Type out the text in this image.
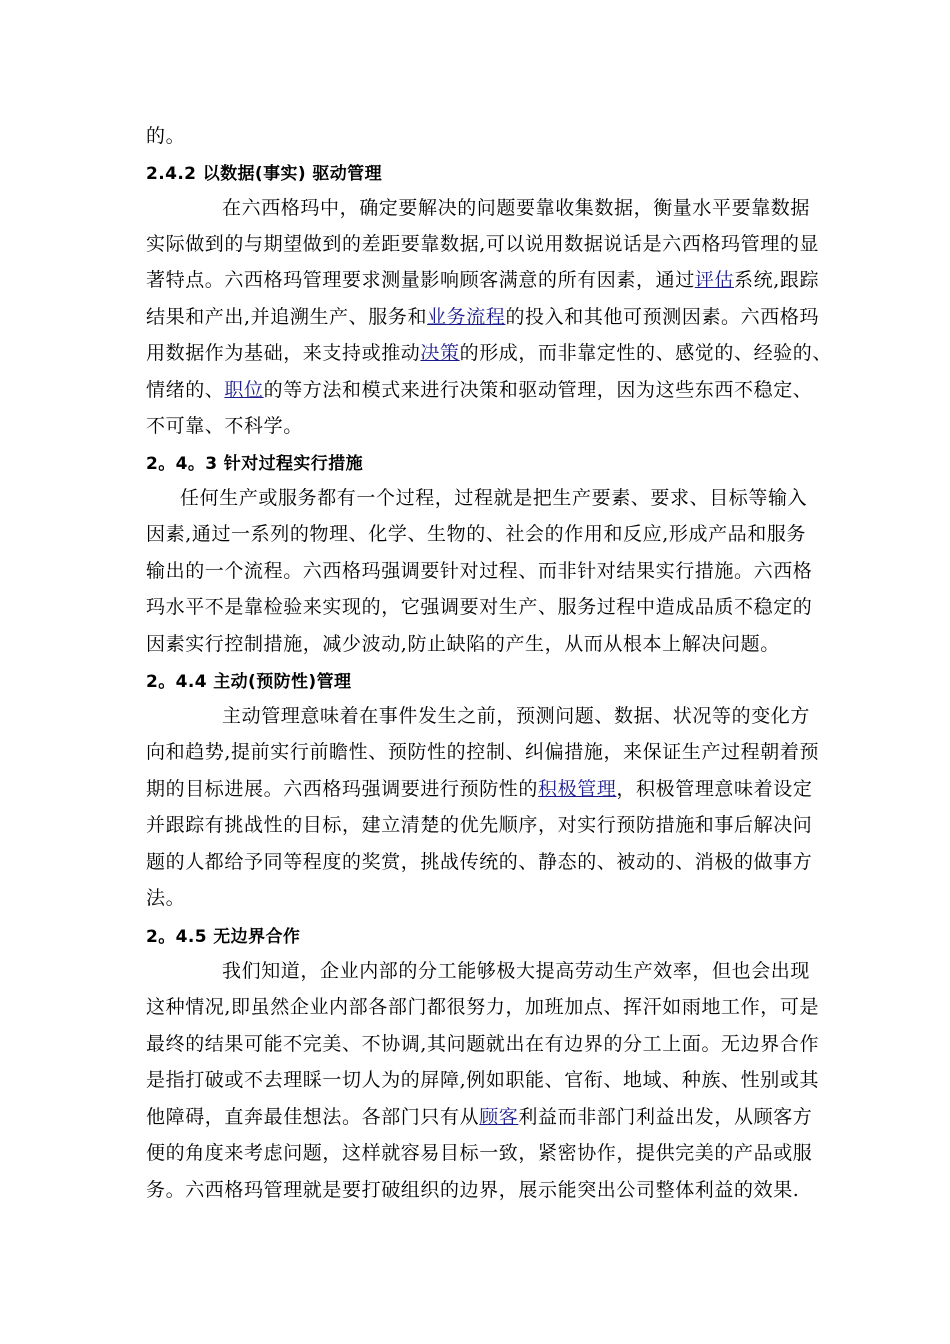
的。
2.4.2 以数据(事实) 驱动管理
在六西格玛中，确定要解决的问题要靠收集数据，衡量水平要靠数据
实际做到的与期望做到的差距要靠数据,可以说用数据说话是六西格玛管理的显
著特点。六西格玛管理要求测量影响顾客满意的所有因素，通过评估系统,跟踪
结果和产出,并追溯生产、服务和业务流程的投入和其他可预测因素。六西格玛
用数据作为基础，来支持或推动决策的形成，而非靠定性的、感觉的、经验的、
情绪的、职位的等方法和模式来进行决策和驱动管理，因为这些东西不稳定、
不可靠、不科学。
2。4。3 针对过程实行措施
任何生产或服务都有一个过程，过程就是把生产要素、要求、目标等输入
因素,通过一系列的物理、化学、生物的、社会的作用和反应,形成产品和服务
输出的一个流程。六西格玛强调要针对过程、而非针对结果实行措施。六西格
玛水平不是靠检验来实现的，它强调要对生产、服务过程中造成品质不稳定的
因素实行控制措施，减少波动,防止缺陷的产生，从而从根本上解决问题。
2。4.4 主动(预防性)管理
主动管理意味着在事件发生之前，预测问题、数据、状况等的变化方
向和趋势,提前实行前瞻性、预防性的控制、纠偏措施，来保证生产过程朝着预
期的目标进展。六西格玛强调要进行预防性的积极管理，积极管理意味着设定
并跟踪有挑战性的目标，建立清楚的优先顺序，对实行预防措施和事后解决问
题的人都给予同等程度的奖赏，挑战传统的、静态的、被动的、消极的做事方
法。
2。4.5 无边界合作
我们知道，企业内部的分工能够极大提高劳动生产效率，但也会出现
这种情况,即虽然企业内部各部门都很努力，加班加点、挥汗如雨地工作，可是
最终的结果可能不完美、不协调,其问题就出在有边界的分工上面。无边界合作
是指打破或不去理睬一切人为的屏障,例如职能、官衔、地域、种族、性别或其
他障碍，直奔最佳想法。各部门只有从顾客利益而非部门利益出发，从顾客方
便的角度来考虑问题，这样就容易目标一致，紧密协作，提供完美的产品或服
务。六西格玛管理就是要打破组织的边界，展示能突出公司整体利益的效果.
